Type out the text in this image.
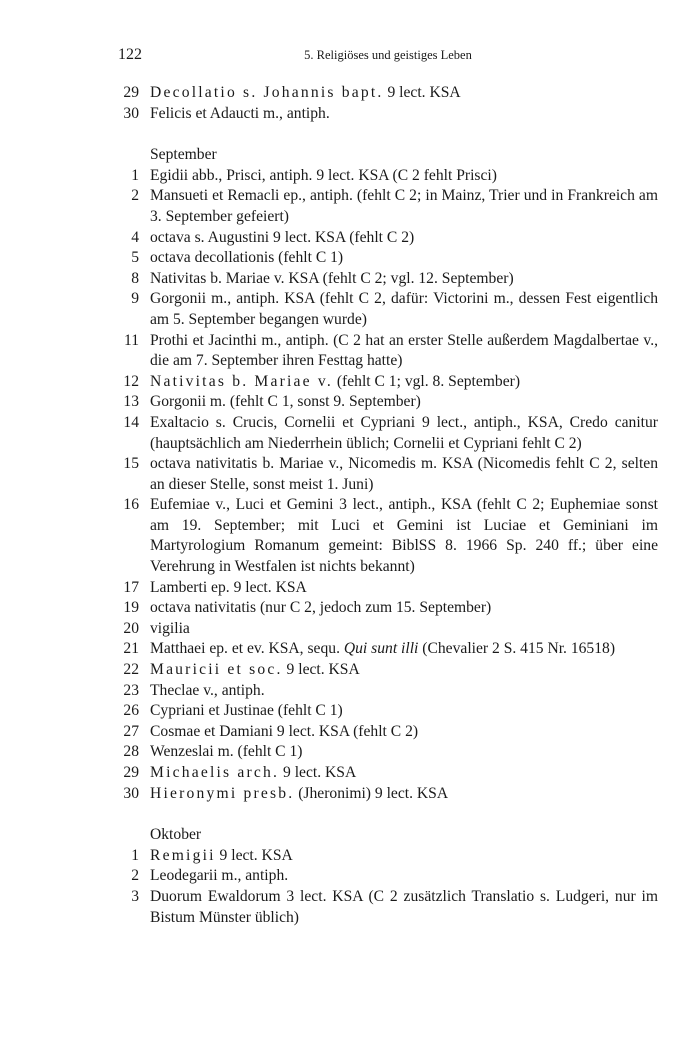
122	5. Religiöses und geistiges Leben
29 Decollatio s. Johannis bapt. 9 lect. KSA
30 Felicis et Adaucti m., antiph.
September
1 Egidii abb., Prisci, antiph. 9 lect. KSA (C 2 fehlt Prisci)
2 Mansueti et Remacli ep., antiph. (fehlt C 2; in Mainz, Trier und in Frankreich am 3. September gefeiert)
4 octava s. Augustini 9 lect. KSA (fehlt C 2)
5 octava decollationis (fehlt C 1)
8 Nativitas b. Mariae v. KSA (fehlt C 2; vgl. 12. September)
9 Gorgonii m., antiph. KSA (fehlt C 2, dafür: Victorini m., dessen Fest eigentlich am 5. September begangen wurde)
11 Prothi et Jacinthi m., antiph. (C 2 hat an erster Stelle außerdem Magdalbertae v., die am 7. September ihren Festtag hatte)
12 Nativitas b. Mariae v. (fehlt C 1; vgl. 8. September)
13 Gorgonii m. (fehlt C 1, sonst 9. September)
14 Exaltacio s. Crucis, Cornelii et Cypriani 9 lect., antiph., KSA, Credo canitur (hauptsächlich am Niederrhein üblich; Cornelii et Cypriani fehlt C 2)
15 octava nativitatis b. Mariae v., Nicomedis m. KSA (Nicomedis fehlt C 2, selten an dieser Stelle, sonst meist 1. Juni)
16 Eufemiae v., Luci et Gemini 3 lect., antiph., KSA (fehlt C 2; Euphemiae sonst am 19. September; mit Luci et Gemini ist Luciae et Geminiani im Martyrologium Romanum gemeint: BiblSS 8. 1966 Sp. 240 ff.; über eine Verehrung in Westfalen ist nichts bekannt)
17 Lamberti ep. 9 lect. KSA
19 octava nativitatis (nur C 2, jedoch zum 15. September)
20 vigilia
21 Matthaei ep. et ev. KSA, sequ. Qui sunt illi (Chevalier 2 S. 415 Nr. 16518)
22 Mauricii et soc. 9 lect. KSA
23 Theclae v., antiph.
26 Cypriani et Justinae (fehlt C 1)
27 Cosmae et Damiani 9 lect. KSA (fehlt C 2)
28 Wenzeslai m. (fehlt C 1)
29 Michaelis arch. 9 lect. KSA
30 Hieronymi presb. (Jheronimi) 9 lect. KSA
Oktober
1 Remigii 9 lect. KSA
2 Leodegarii m., antiph.
3 Duorum Ewaldorum 3 lect. KSA (C 2 zusätzlich Translatio s. Ludgeri, nur im Bistum Münster üblich)
